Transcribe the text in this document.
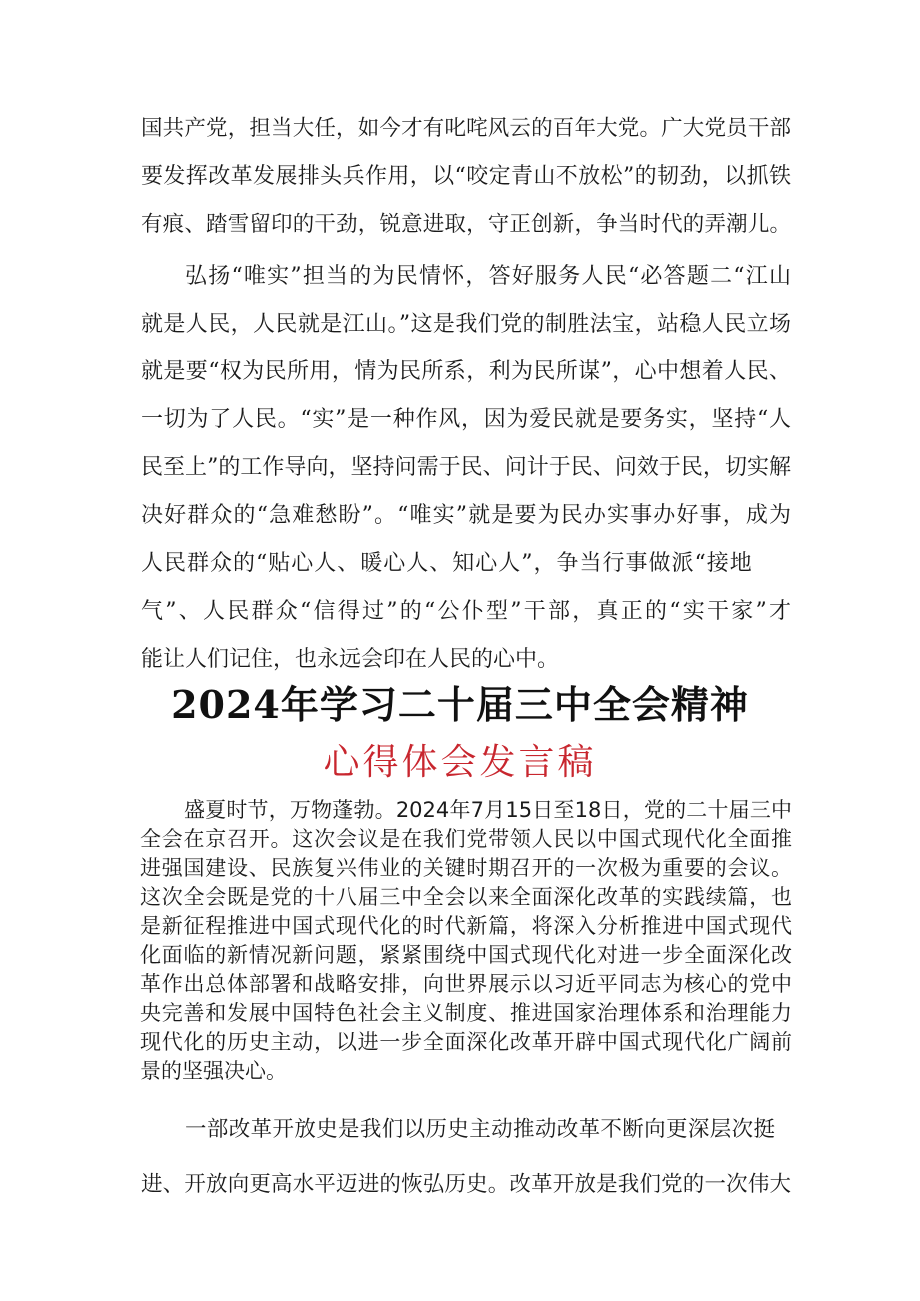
国共产党，担当大任，如今才有叱咤风云的百年大党。广大党员干部
要发挥改革发展排头兵作用，以“咬定青山不放松”的韧劲，以抓铁
有痕、踏雪留印的干劲，锐意进取，守正创新，争当时代的弄潮儿。
弘扬“唯实”担当的为民情怀，答好服务人民“必答题二“江山
就是人民，人民就是江山。”这是我们党的制胜法宝，站稳人民立场
就是要“权为民所用，情为民所系，利为民所谋”，心中想着人民、
一切为了人民。“实”是一种作风，因为爱民就是要务实，坚持“人
民至上”的工作导向，坚持问需于民、问计于民、问效于民，切实解
决好群众的“急难愁盼”。“唯实”就是要为民办实事办好事，成为
人民群众的“贴心人、暖心人、知心人”，争当行事做派“接地
气”、人民群众“信得过”的“公仆型”干部，真正的“实干家”才
能让人们记住，也永远会印在人民的心中。
2024年学习二十届三中全会精神
心得体会发言稿
盛夏时节，万物蓬勃。2024年7月15日至18日，党的二十届三中
全会在京召开。这次会议是在我们党带领人民以中国式现代化全面推
进强国建设、民族复兴伟业的关键时期召开的一次极为重要的会议。
这次全会既是党的十八届三中全会以来全面深化改革的实践续篇，也
是新征程推进中国式现代化的时代新篇，将深入分析推进中国式现代
化面临的新情况新问题，紧紧围绕中国式现代化对进一步全面深化改
革作出总体部署和战略安排，向世界展示以习近平同志为核心的党中
央完善和发展中国特色社会主义制度、推进国家治理体系和治理能力
现代化的历史主动，以进一步全面深化改革开辟中国式现代化广阔前
景的坚强决心。
一部改革开放史是我们以历史主动推动改革不断向更深层次挺
进、开放向更高水平迈进的恢弘历史。改革开放是我们党的一次伟大
